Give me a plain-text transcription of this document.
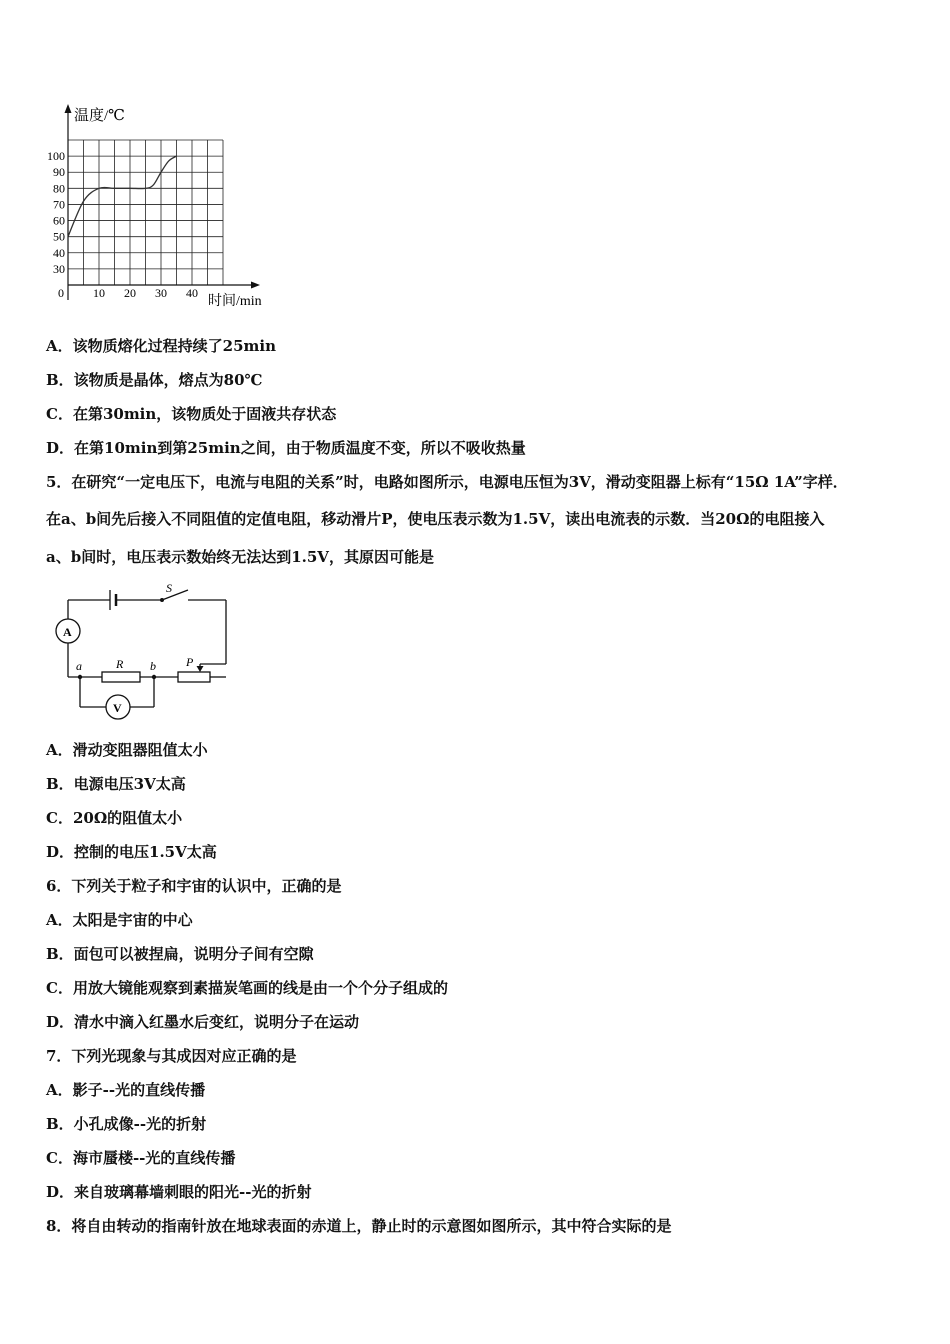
温度/℃
时间/min
0
100
90
80
70
60
50
40
30
10 20 30 40
A．该物质熔化过程持续了25min
B．该物质是晶体，熔点为80℃
C．在第30min，该物质处于固液共存状态
D．在第10min到第25min之间，由于物质温度不变，所以不吸收热量
5．在研究“一定电压下，电流与电阻的关系”时，电路如图所示，电源电压恒为3V，滑动变阻器上标有“15Ω 1A”字样．
在a、b间先后接入不同阻值的定值电阻，移动滑片P，使电压表示数为1.5V，读出电流表的示数．当20Ω的电阻接入
a、b间时，电压表示数始终无法达到1.5V，其原因可能是
S
A
V
a	b
R	P
A．滑动变阻器阻值太小
B．电源电压3V太高
C．20Ω的阻值太小
D．控制的电压1.5V太高
6．下列关于粒子和宇宙的认识中，正确的是
A．太阳是宇宙的中心
B．面包可以被捏扁，说明分子间有空隙
C．用放大镜能观察到素描炭笔画的线是由一个个分子组成的
D．清水中滴入红墨水后变红，说明分子在运动
7．下列光现象与其成因对应正确的是
A．影子--光的直线传播
B．小孔成像--光的折射
C．海市蜃楼--光的直线传播
D．来自玻璃幕墙刺眼的阳光--光的折射
8．将自由转动的指南针放在地球表面的赤道上，静止时的示意图如图所示，其中符合实际的是
